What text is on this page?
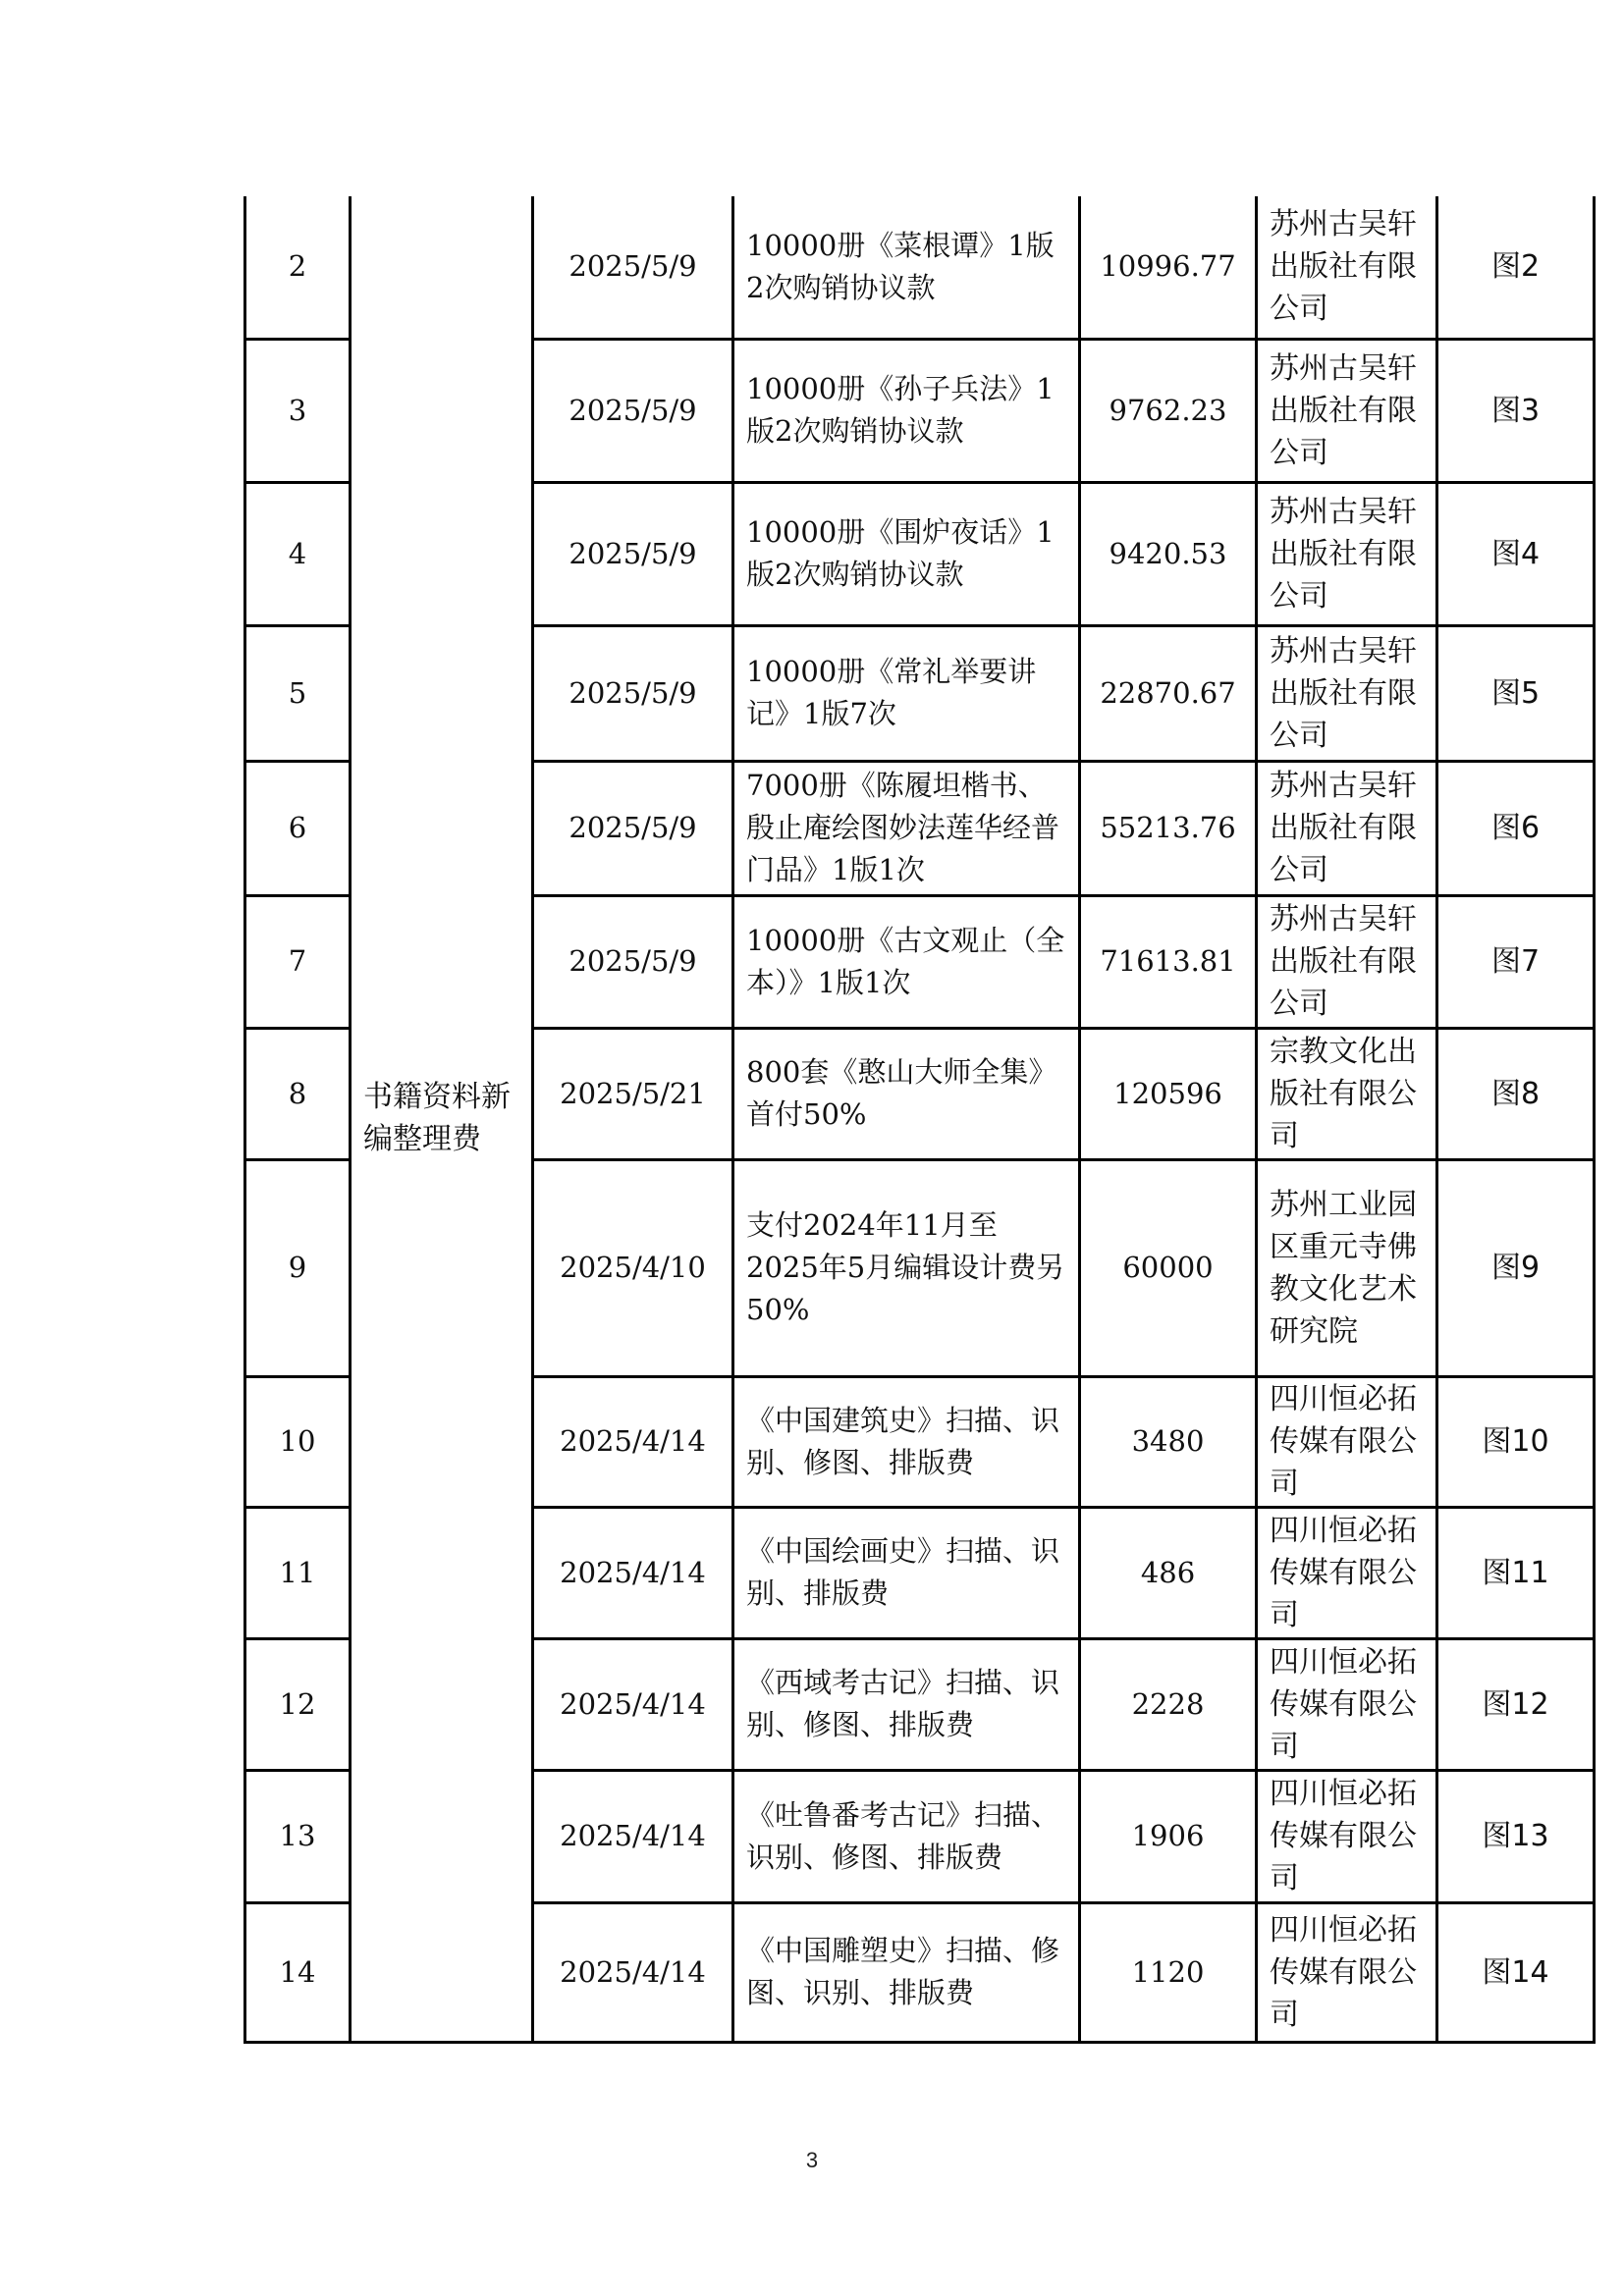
2	书籍资料新编整理费	2025/5/9	10000册《菜根谭》1版2次购销协议款	10996.77	苏州古吴轩出版社有限公司	图2
3		2025/5/9	10000册《孙子兵法》1版2次购销协议款	9762.23	苏州古吴轩出版社有限公司	图3
4		2025/5/9	10000册《围炉夜话》1版2次购销协议款	9420.53	苏州古吴轩出版社有限公司	图4
5		2025/5/9	10000册《常礼举要讲记》1版7次	22870.67	苏州古吴轩出版社有限公司	图5
6		2025/5/9	7000册《陈履坦楷书、殷止庵绘图妙法莲华经普门品》1版1次	55213.76	苏州古吴轩出版社有限公司	图6
7		2025/5/9	10000册《古文观止（全本）》1版1次	71613.81	苏州古吴轩出版社有限公司	图7
8		2025/5/21	800套《憨山大师全集》首付50%	120596	宗教文化出版社有限公司	图8
9		2025/4/10	支付2024年11月至2025年5月编辑设计费另50%	60000	苏州工业园区重元寺佛教文化艺术研究院	图9
10		2025/4/14	《中国建筑史》扫描、识别、修图、排版费	3480	四川恒必拓传媒有限公司	图10
11		2025/4/14	《中国绘画史》扫描、识别、排版费	486	四川恒必拓传媒有限公司	图11
12		2025/4/14	《西域考古记》扫描、识别、修图、排版费	2228	四川恒必拓传媒有限公司	图12
13		2025/4/14	《吐鲁番考古记》扫描、识别、修图、排版费	1906	四川恒必拓传媒有限公司	图13
14		2025/4/14	《中国雕塑史》扫描、修图、识别、排版费	1120	四川恒必拓传媒有限公司	图14
3
